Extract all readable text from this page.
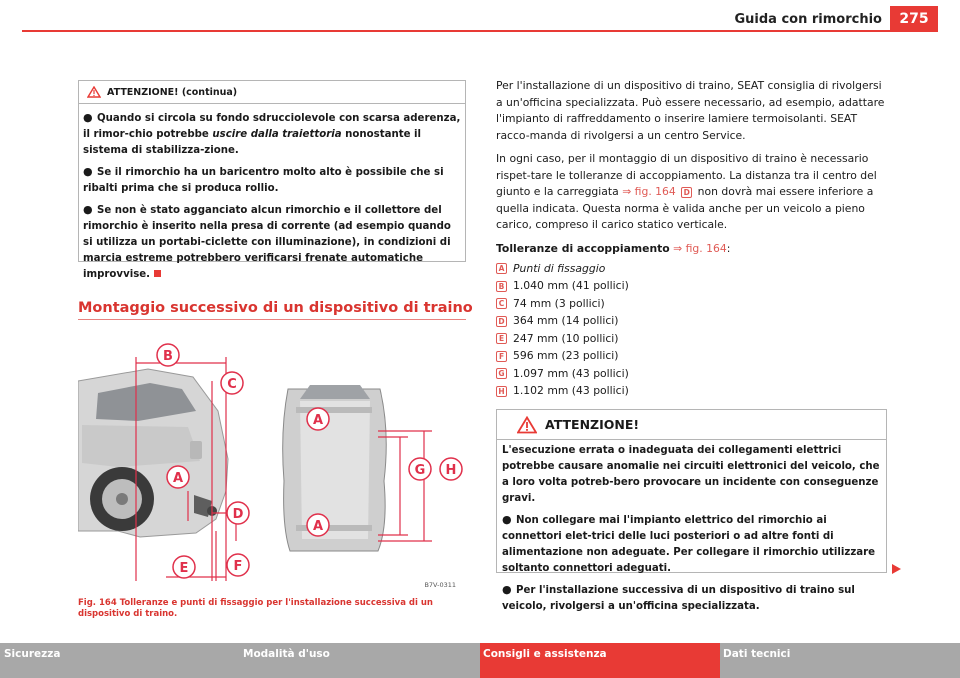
Guida con rimorchio	275
ATTENZIONE! (continua)

● Quando si circola su fondo sdrucciolevole con scarsa aderenza, il rimor-chio potrebbe uscire dalla traiettoria nonostante il sistema di stabilizza-zione.

● Se il rimorchio ha un baricentro molto alto è possibile che si ribalti prima che si produca rollio.

● Se non è stato agganciato alcun rimorchio e il collettore del rimorchio è inserito nella presa di corrente (ad esempio quando si utilizza un portabi-ciclette con illuminazione), in condizioni di marcia estreme potrebbero verificarsi frenate automatiche improvvise.

Montaggio successivo di un dispositivo di traino
B
C
A
D
E	F
A
A
G H
B7V-0311
Fig. 164 Tolleranze e punti di fissaggio per l'installazione successiva di un dispositivo di traino.

Per l'installazione di un dispositivo di traino, SEAT consiglia di rivolgersi a un'officina specializzata. Può essere necessario, ad esempio, adattare l'impianto di raffreddamento o inserire lamiere termoisolanti. SEAT racco-manda di rivolgersi a un centro Service.

In ogni caso, per il montaggio di un dispositivo di traino è necessario rispet-tare le tolleranze di accoppiamento. La distanza tra il centro del giunto e la carreggiata ⇒ fig. 164 D non dovrà mai essere inferiore a quella indicata. Questa norma è valida anche per un veicolo a pieno carico, compreso il carico statico verticale.

Tolleranze di accoppiamento ⇒ fig. 164:

A Punti di fissaggio
B 1.040 mm (41 pollici)
C 74 mm (3 pollici)
D 364 mm (14 pollici)
E 247 mm (10 pollici)
F 596 mm (23 pollici)
G 1.097 mm (43 pollici)
H 1.102 mm (43 pollici)
ATTENZIONE!

L'esecuzione errata o inadeguata dei collegamenti elettrici potrebbe causare anomalie nei circuiti elettronici del veicolo, che a loro volta potreb-bero provocare un incidente con conseguenze gravi.

● Non collegare mai l'impianto elettrico del rimorchio ai connettori elet-trici delle luci posteriori o ad altre fonti di alimentazione non adeguate. Per collegare il rimorchio utilizzare soltanto connettori adeguati.

● Per l'installazione successiva di un dispositivo di traino sul veicolo, rivolgersi a un'officina specializzata.

Sicurezza	Modalità d'uso	Consigli e assistenza	Dati tecnici
